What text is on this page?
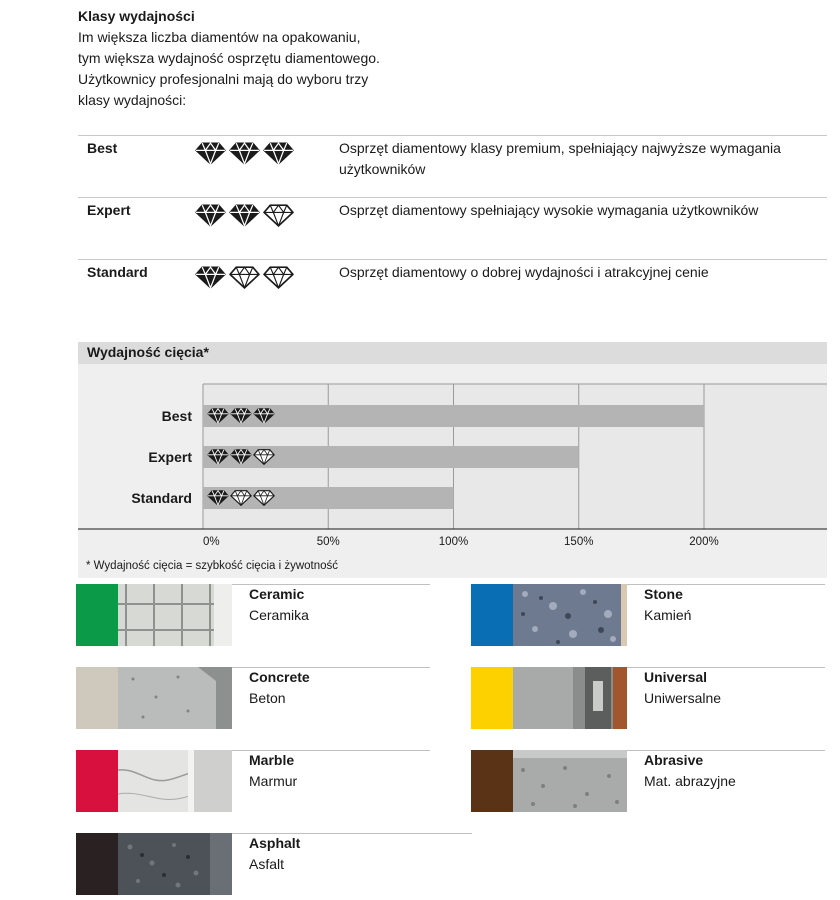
Klasy wydajności
Im większa liczba diamentów na opakowaniu,
tym większa wydajność osprzętu diamentowego.
Użytkownicy profesjonalni mają do wyboru trzy
klasy wydajności:
Best	Osprzęt diamentowy klasy premium, spełniający najwyższe wymagania użytkowników
Expert	Osprzęt diamentowy spełniający wysokie wymagania użytkowników
Standard	Osprzęt diamentowy o dobrej wydajności i atrakcyjnej cenie
Wydajność cięcia*
0%	50%	100%	150%	200%
Best
Expert
Standard
* Wydajność cięcia = szybkość cięcia i żywotność
Ceramic
Ceramika
Stone
Kamień
Concrete
Beton
Universal
Uniwersalne
Marble
Marmur
Abrasive
Mat. abrazyjne
Asphalt
Asfalt
